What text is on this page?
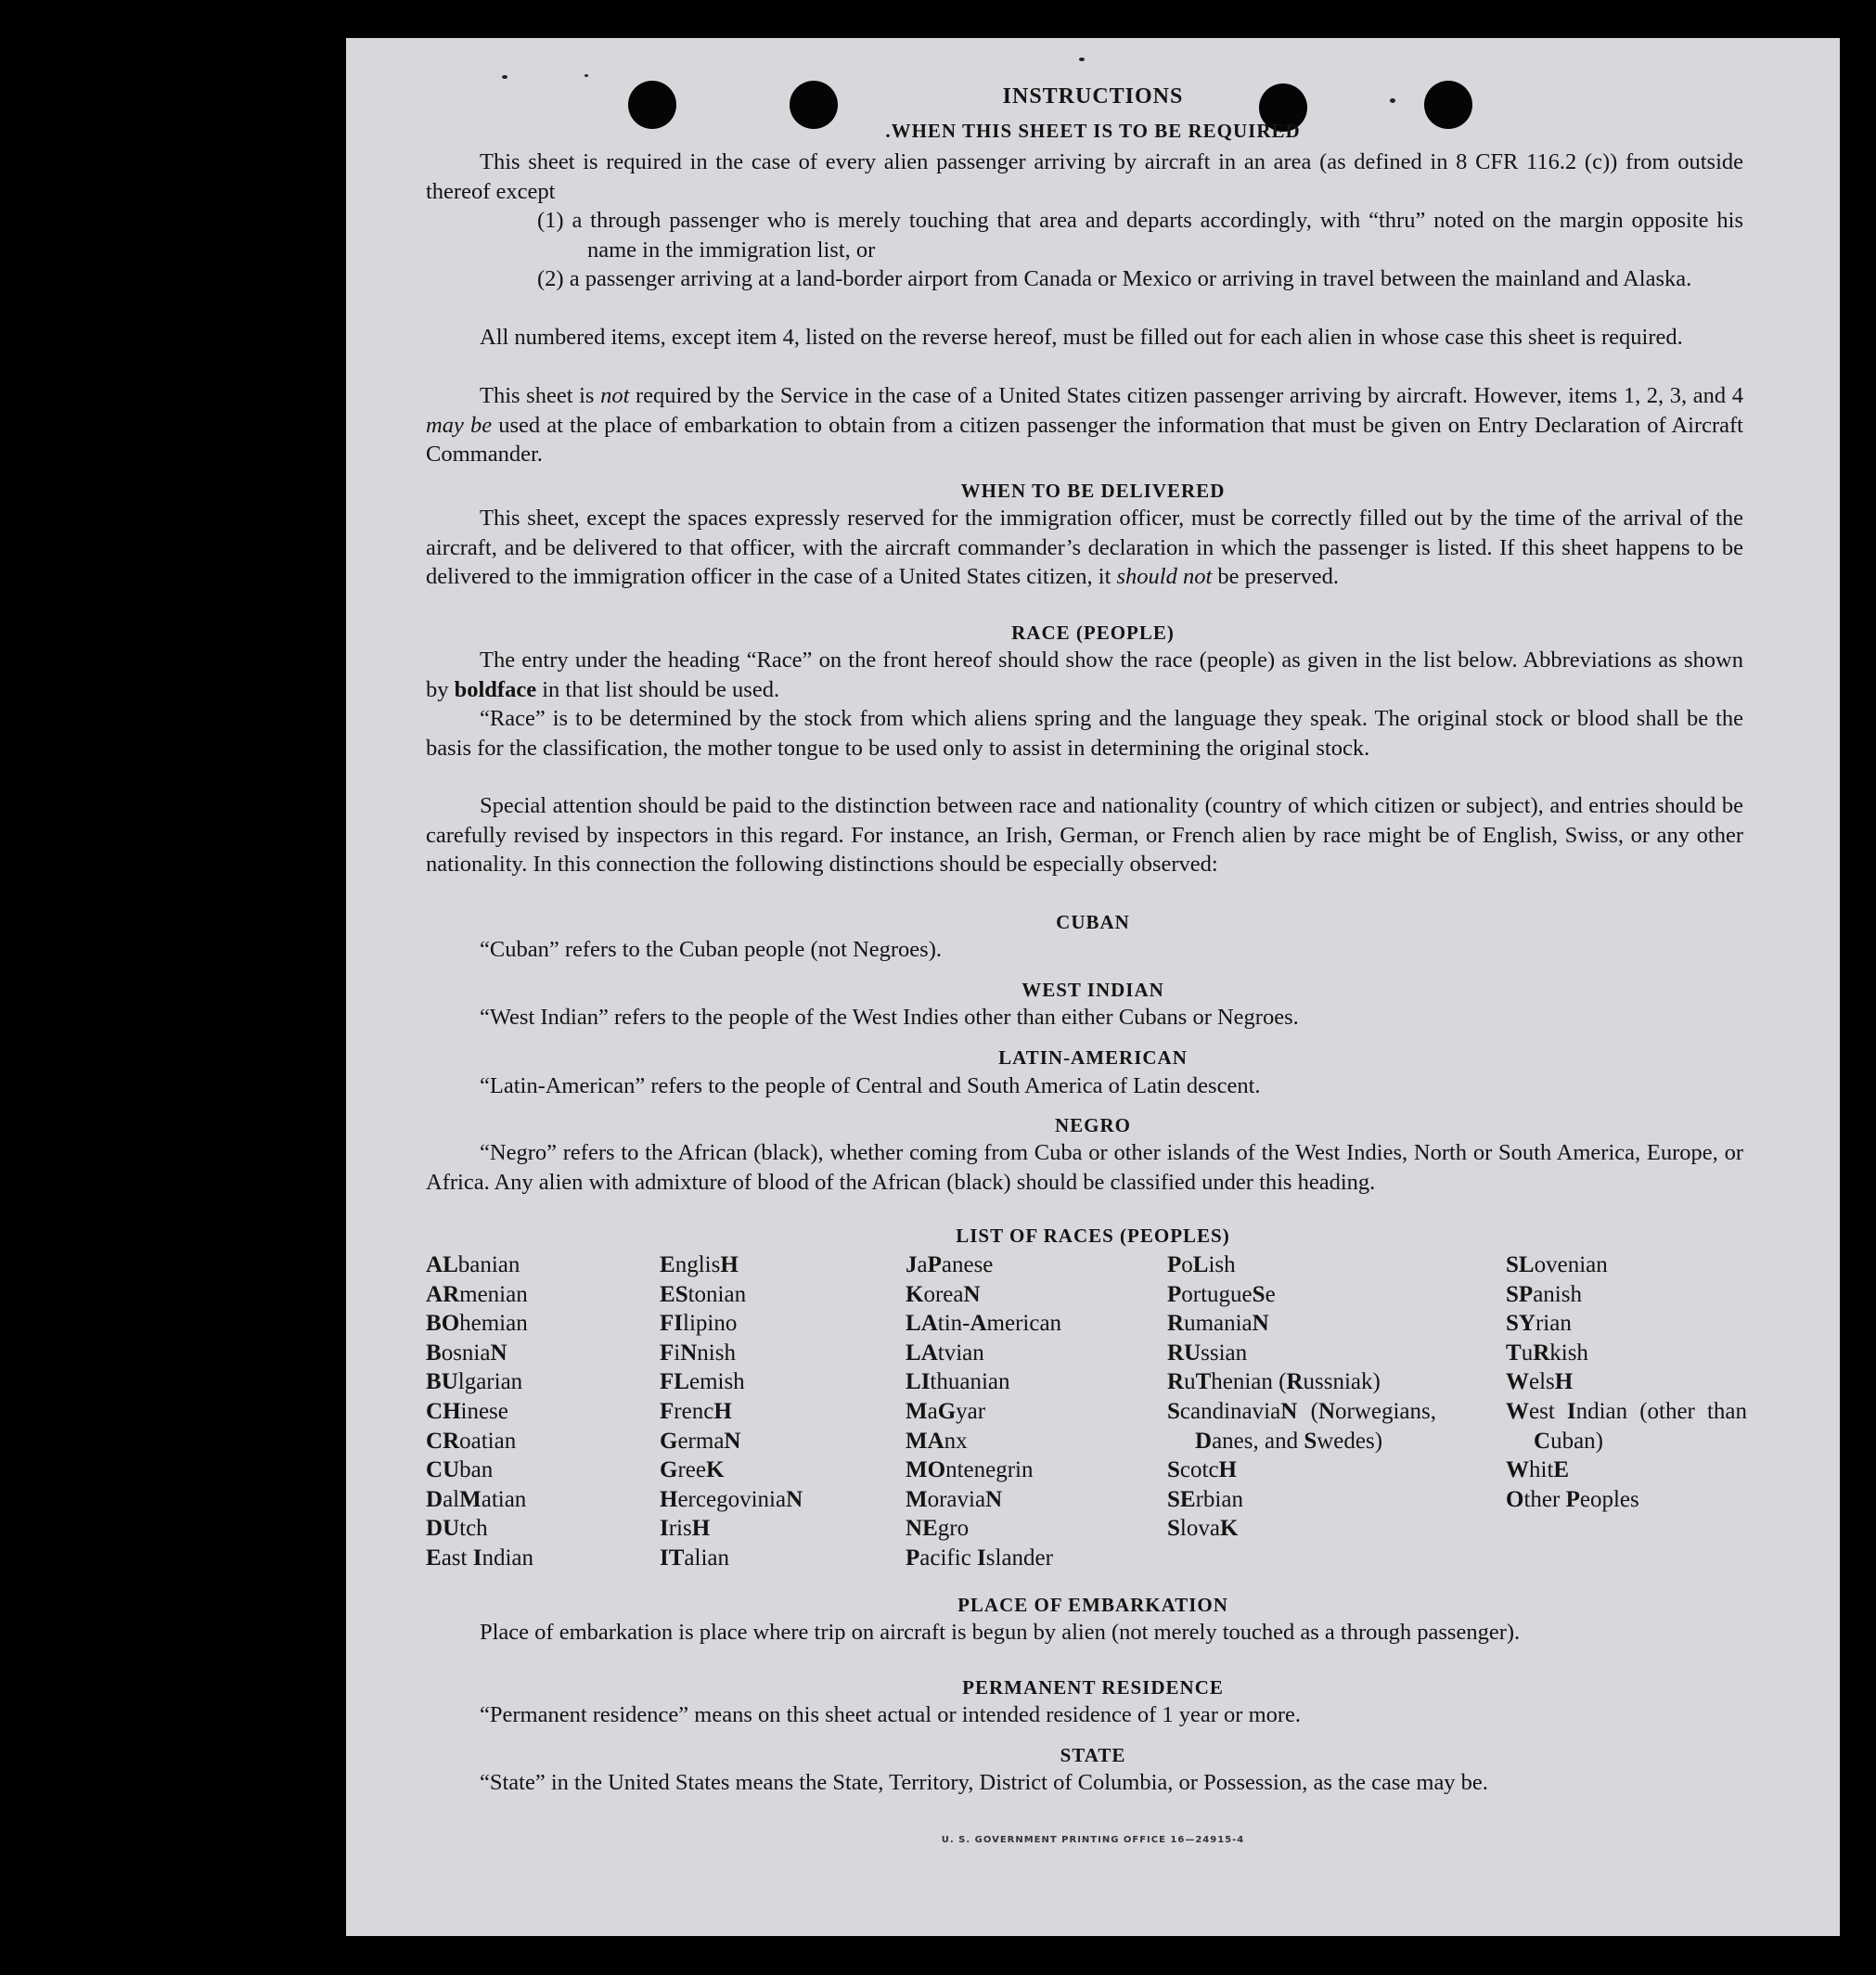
INSTRUCTIONS
.WHEN THIS SHEET IS TO BE REQUIRED

This sheet is required in the case of every alien passenger arriving by aircraft in an area (as defined in 8 CFR 116.2 (c)) from outside thereof except

(1) a through passenger who is merely touching that area and departs accordingly, with “thru” noted on the margin opposite his name in the immigration list, or

(2) a passenger arriving at a land-border airport from Canada or Mexico or arriving in travel between the mainland and Alaska.

All numbered items, except item 4, listed on the reverse hereof, must be filled out for each alien in whose case this sheet is required.

This sheet is not required by the Service in the case of a United States citizen passenger arriving by aircraft. However, items 1, 2, 3, and 4 may be used at the place of embarkation to obtain from a citizen passenger the information that must be given on Entry Declaration of Aircraft Commander.

WHEN TO BE DELIVERED

This sheet, except the spaces expressly reserved for the immigration officer, must be correctly filled out by the time of the arrival of the aircraft, and be delivered to that officer, with the aircraft commander’s declaration in which the passenger is listed. If this sheet happens to be delivered to the immigration officer in the case of a United States citizen, it should not be preserved.

RACE (PEOPLE)

The entry under the heading “Race” on the front hereof should show the race (people) as given in the list below. Abbreviations as shown by boldface in that list should be used.

“Race” is to be determined by the stock from which aliens spring and the language they speak. The original stock or blood shall be the basis for the classification, the mother tongue to be used only to assist in determining the original stock.

Special attention should be paid to the distinction between race and nationality (country of which citizen or subject), and entries should be carefully revised by inspectors in this regard. For instance, an Irish, German, or French alien by race might be of English, Swiss, or any other nationality. In this connection the following distinctions should be especially observed:

CUBAN

“Cuban” refers to the Cuban people (not Negroes).

WEST INDIAN

“West Indian” refers to the people of the West Indies other than either Cubans or Negroes.

LATIN-AMERICAN

“Latin-American” refers to the people of Central and South America of Latin descent.

NEGRO

“Negro” refers to the African (black), whether coming from Cuba or other islands of the West Indies, North or South America, Europe, or Africa. Any alien with admixture of blood of the African (black) should be classified under this heading.

LIST OF RACES (PEOPLES)
ALbanian
ARmenian
BOhemian
BosniaN
BUlgarian
CHinese
CRoatian
CUban
DalMatian
DUtch
East Indian
EnglisH
EStonian
FIlipino
FiNnish
FLemish
FrencH
GermaN
GreeK
HercegoviniaN
IrisH
ITalian
JaPanese
KoreaN
LAtin-American
LAtvian
LIthuanian
MaGyar
MAnx
MOntenegrin
MoraviaN
NEgro
Pacific Islander
PoLish
PortugueSe
RumaniaN
RUssian
RuThenian (Russniak)
ScandinaviaN (Norwegians, Danes, and Swedes)
ScotcH
SErbian
SlovaK
SLovenian
SPanish
SYrian
TuRkish
WelsH
West Indian (other than Cuban)
WhitE
Other Peoples
PLACE OF EMBARKATION

Place of embarkation is place where trip on aircraft is begun by alien (not merely touched as a through passenger).

PERMANENT RESIDENCE

“Permanent residence” means on this sheet actual or intended residence of 1 year or more.

STATE

“State” in the United States means the State, Territory, District of Columbia, or Possession, as the case may be.

U. S. GOVERNMENT PRINTING OFFICE 16—24915-4
